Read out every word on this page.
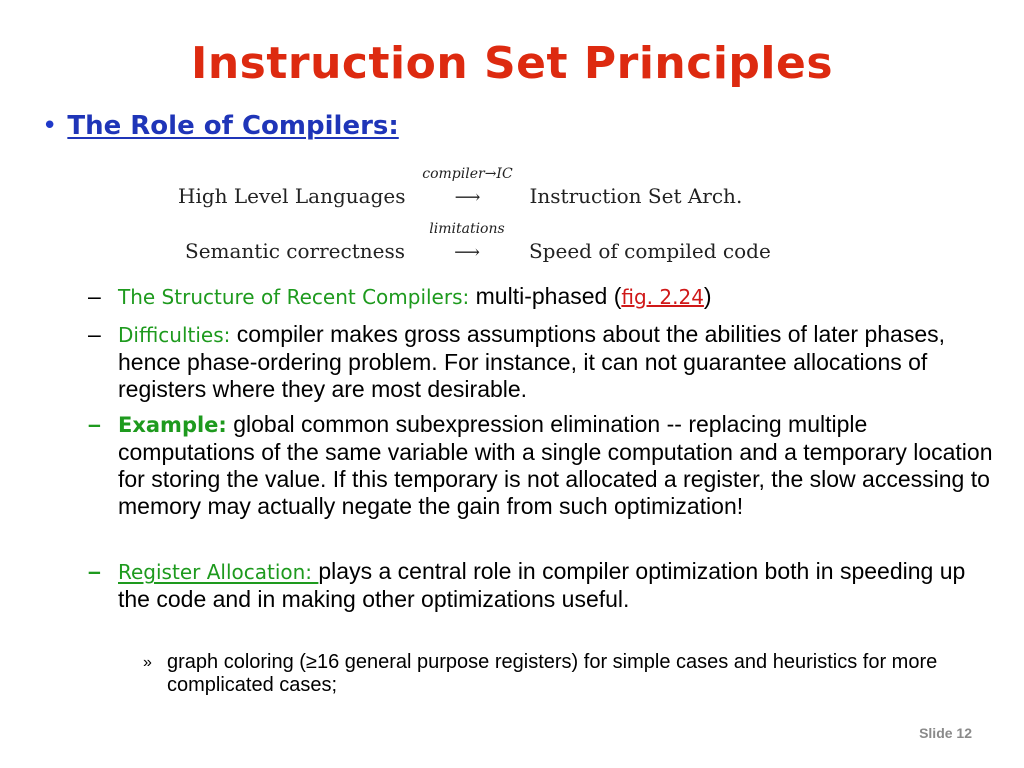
Instruction Set Principles
• The Role of Compilers:
High Level Languages
compiler→IC
⟶ Instruction Set Arch.
Semantic correctness
limitations
⟶ Speed of compiled code
– The Structure of Recent Compilers: multi-phased (fig. 2.24)
– Difficulties: compiler makes gross assumptions about the abilities of later phases, hence phase-ordering problem. For instance, it can not guarantee allocations of registers where they are most desirable.
– Example: global common subexpression elimination -- replacing multiple computations of the same variable with a single computation and a temporary location for storing the value. If this temporary is not allocated a register, the slow accessing to memory may actually negate the gain from such optimization!
– Register Allocation: plays a central role in compiler optimization both in speeding up the code and in making other optimizations useful.
» graph coloring (≥16 general purpose registers) for simple cases and heuristics for more complicated cases;
Slide 12
